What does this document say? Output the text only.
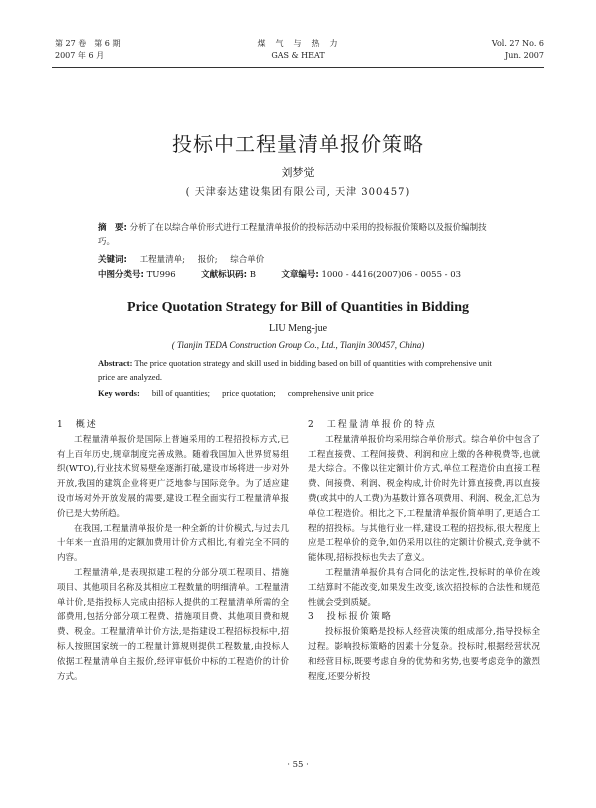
第 27 卷　第 6 期
2007 年 6 月
煤　气　与　热　力
GAS & HEAT
Vol. 27 No. 6
Jun. 2007
投标中工程量清单报价策略
刘梦觉
( 天津泰达建设集团有限公司, 天津 300457)
摘　要: 分析了在以综合单价形式进行工程量清单报价的投标活动中采用的投标报价策略以及报价编制技巧。
关键词: 工程量清单; 报价; 综合单价
中图分类号: TU996	文献标识码: B	文章编号: 1000 - 4416(2007)06 - 0055 - 03
Price Quotation Strategy for Bill of Quantities in Bidding
LIU Meng-jue
( Tianjin TEDA Construction Group Co., Ltd., Tianjin 300457, China)
Abstract: The price quotation strategy and skill used in bidding based on bill of quantities with comprehensive unit price are analyzed.
Key words: bill of quantities; price quotation; comprehensive unit price

1　概述

工程量清单报价是国际上普遍采用的工程招投标方式,已有上百年历史,规章制度完善成熟。随着我国加入世界贸易组织(WTO),行业技术贸易壁垒逐渐打破,建设市场将进一步对外开放,我国的建筑企业将更广泛地参与国际竞争。为了适应建设市场对外开放发展的需要,建设工程全面实行工程量清单报价已是大势所趋。

在我国,工程量清单报价是一种全新的计价模式,与过去几十年来一直沿用的定额加费用计价方式相比,有着完全不同的内容。

工程量清单,是表现拟建工程的分部分项工程项目、措施项目、其他项目名称及其相应工程数量的明细清单。工程量清单计价,是指投标人完成由招标人提供的工程量清单所需的全部费用,包括分部分项工程费、措施项目费、其他项目费和规费、税金。工程量清单计价方法,是指建设工程招标投标中,招标人按照国家统一的工程量计算规则提供工程数量,由投标人依据工程量清单自主报价,经评审低价中标的工程造价的计价方式。

2　工程量清单报价的特点

工程量清单报价均采用综合单价形式。综合单价中包含了工程直接费、工程间接费、利润和应上缴的各种税费等,也就是大综合。不像以往定额计价方式,单位工程造价由直接工程费、间接费、利润、税金构成,计价时先计算直接费,再以直接费(或其中的人工费)为基数计算各项费用、利润、税金,汇总为单位工程造价。相比之下,工程量清单报价简单明了,更适合工程的招投标。与其他行业一样,建设工程的招投标,很大程度上应是工程单价的竞争,如仍采用以往的定额计价模式,竞争就不能体现,招标投标也失去了意义。

工程量清单报价具有合同化的法定性,投标时的单价在竣工结算时不能改变,如果发生改变,该次招投标的合法性和规范性就会受到质疑。

3　投标报价策略

投标报价策略是投标人经营决策的组成部分,指导投标全过程。影响投标策略的因素十分复杂。投标时,根据经营状况和经营目标,既要考虑自身的优势和劣势,也要考虑竞争的激烈程度,还要分析投

· 55 ·
